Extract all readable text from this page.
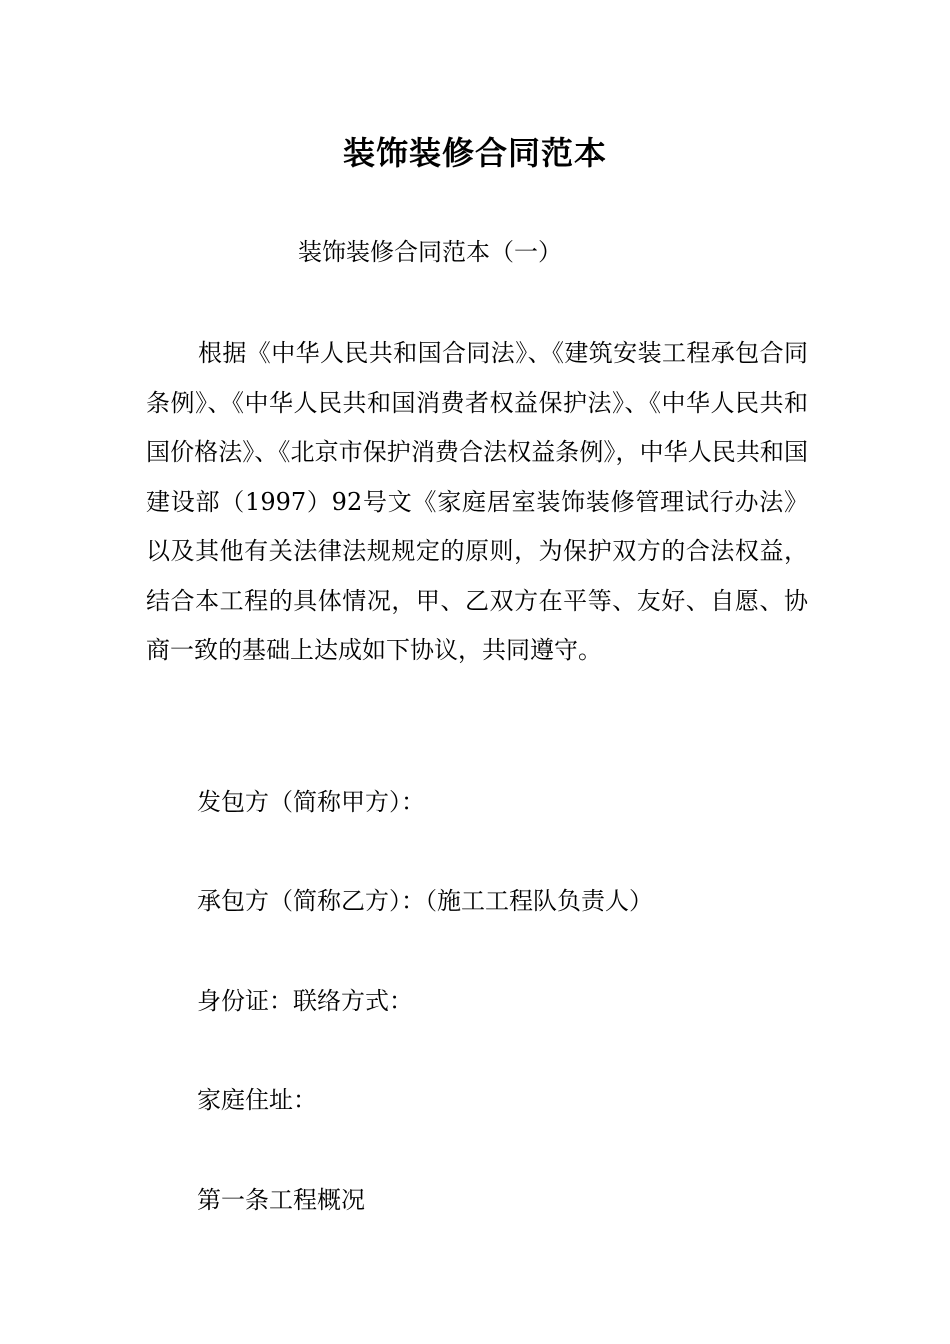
装饰装修合同范本

装饰装修合同范本（一）

根据《中华人民共和国合同法》、《建筑安装工程承包合同条例》、《中华人民共和国消费者权益保护法》、《中华人民共和国价格法》、《北京市保护消费合法权益条例》，中华人民共和国建设部（1997）92号文《家庭居室装饰装修管理试行办法》以及其他有关法律法规规定的原则，为保护双方的合法权益，结合本工程的具体情况，甲、乙双方在平等、友好、自愿、协商一致的基础上达成如下协议，共同遵守。

发包方（简称甲方）：

承包方（简称乙方）：（施工工程队负责人）

身份证：联络方式：

家庭住址：

第一条工程概况
